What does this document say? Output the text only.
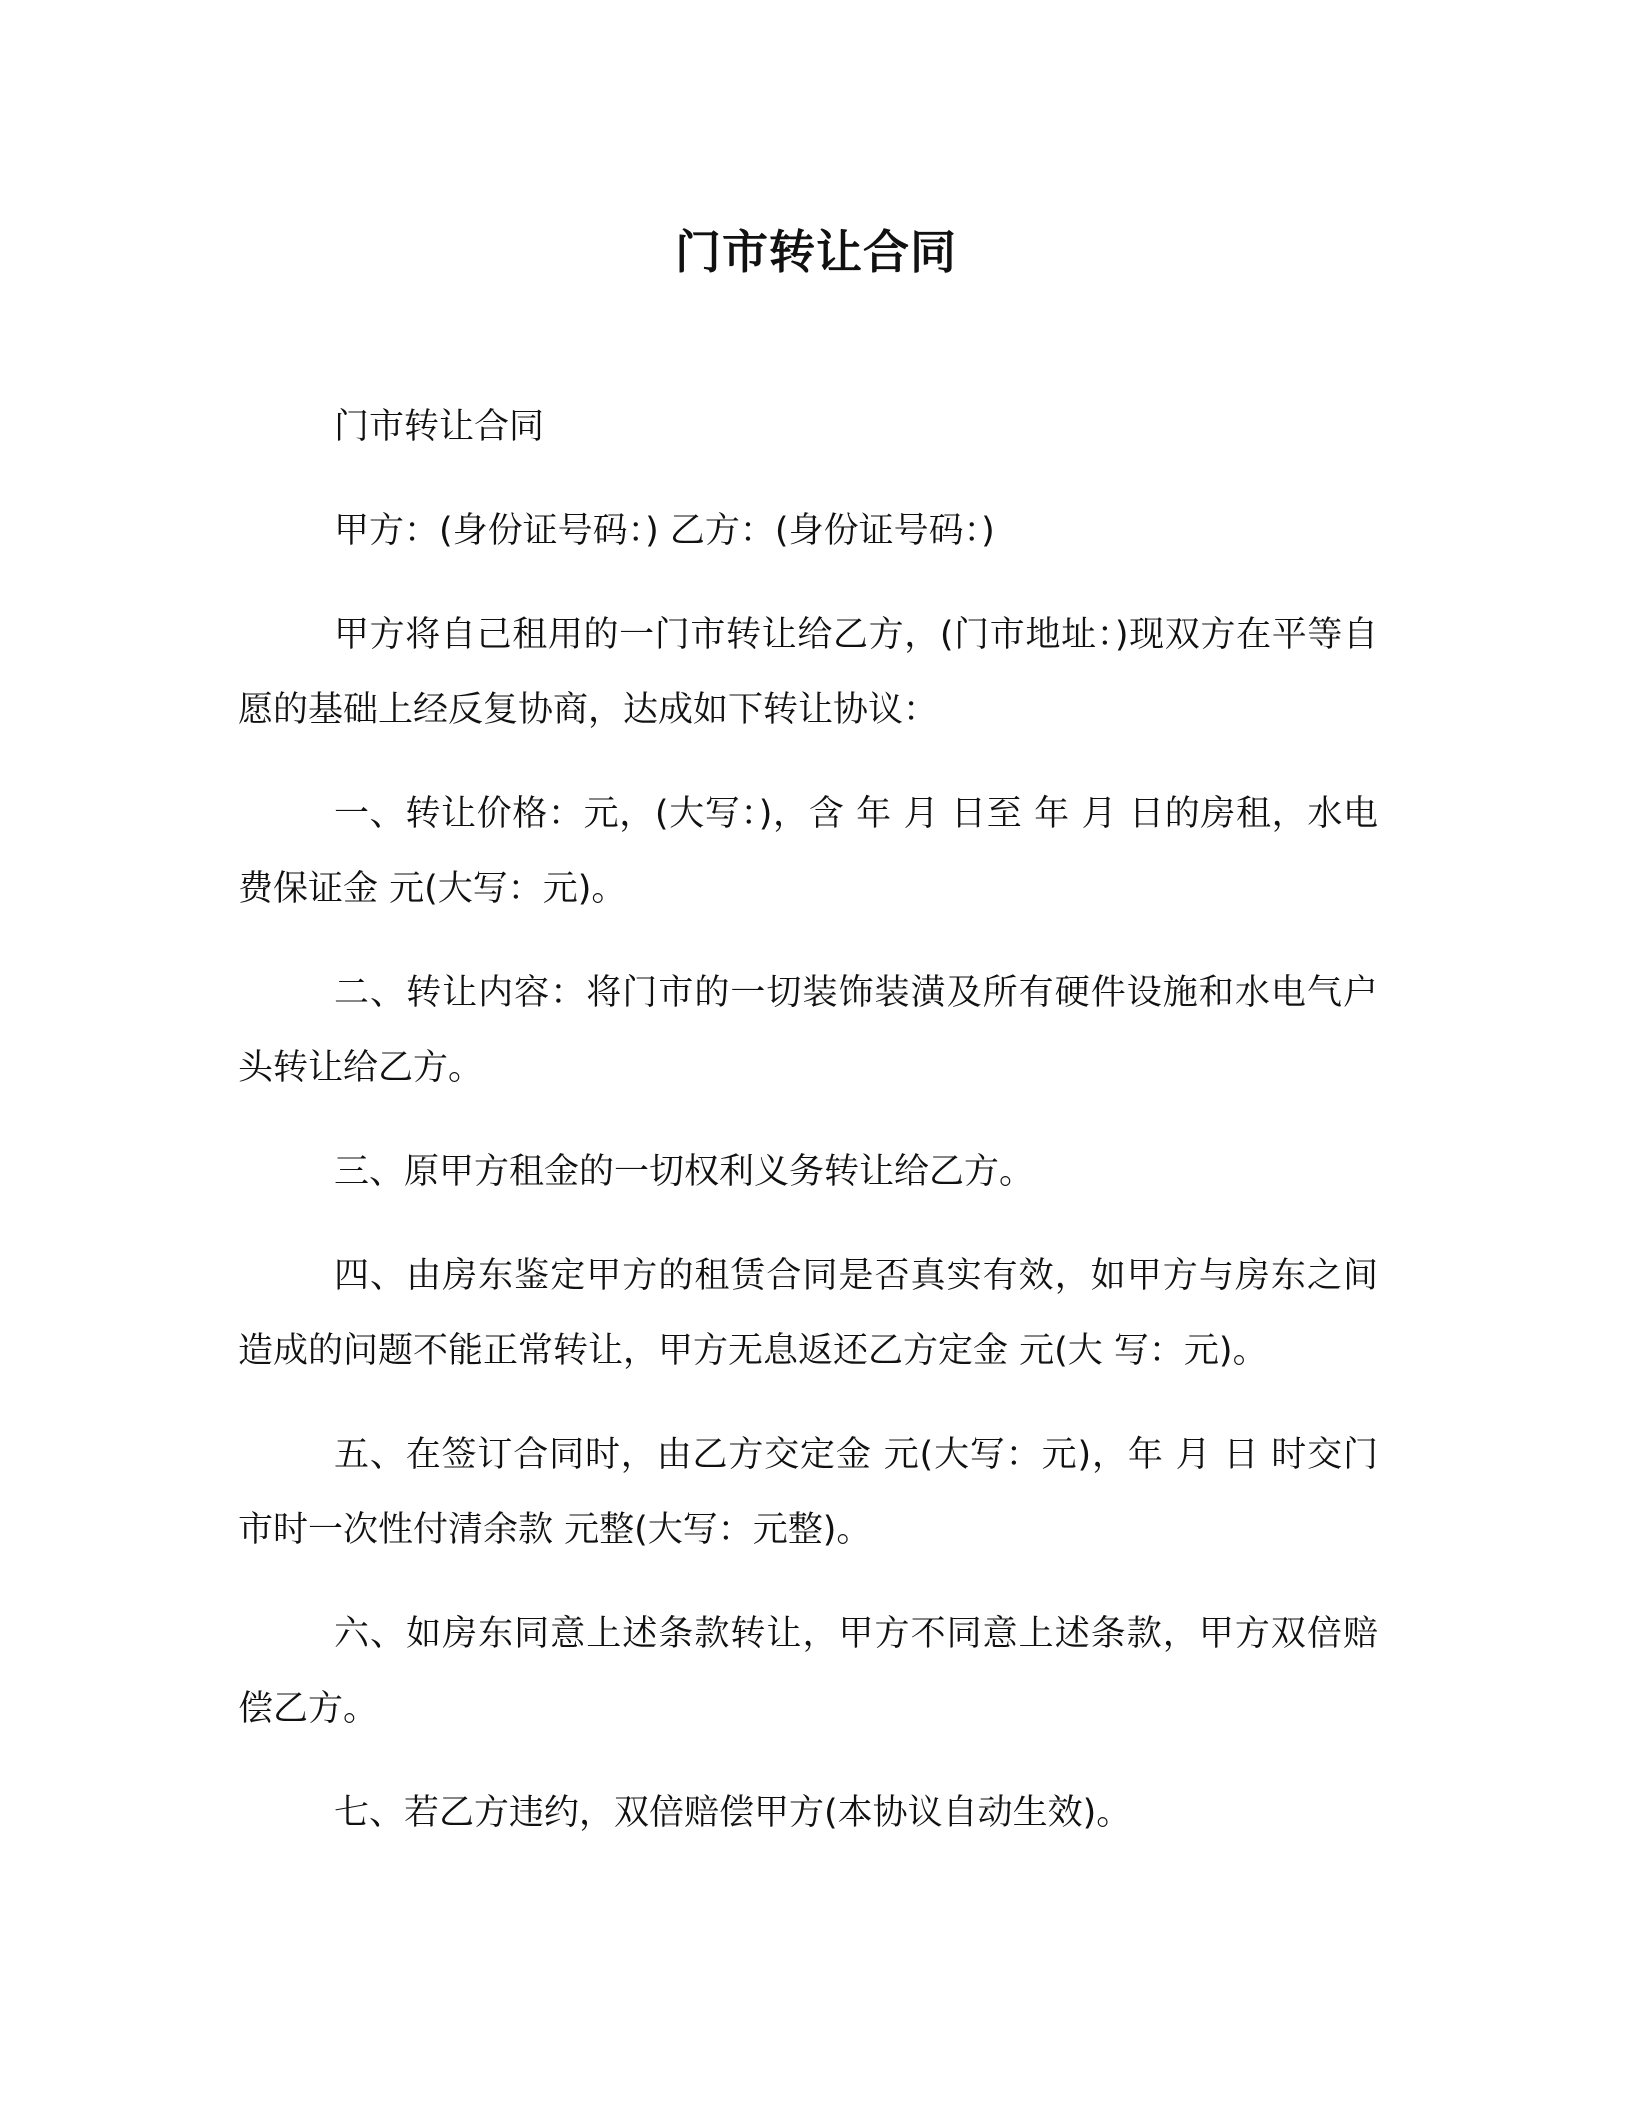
门市转让合同

门市转让合同

甲方：(身份证号码：) 乙方：(身份证号码：)

甲方将自己租用的一门市转让给乙方，(门市地址：)现双方在平等自愿的基础上经反复协商，达成如下转让协议：

一、转让价格：元，(大写：)，含 年 月 日至 年 月 日的房租，水电费保证金 元(大写：元)。

二、转让内容：将门市的一切装饰装潢及所有硬件设施和水电气户头转让给乙方。

三、原甲方租金的一切权利义务转让给乙方。

四、由房东鉴定甲方的租赁合同是否真实有效，如甲方与房东之间造成的问题不能正常转让，甲方无息返还乙方定金 元(大 写：元)。

五、在签订合同时，由乙方交定金 元(大写：元)，年 月 日 时交门市时一次性付清余款 元整(大写：元整)。

六、如房东同意上述条款转让，甲方不同意上述条款，甲方双倍赔偿乙方。

七、若乙方违约，双倍赔偿甲方(本协议自动生效)。
